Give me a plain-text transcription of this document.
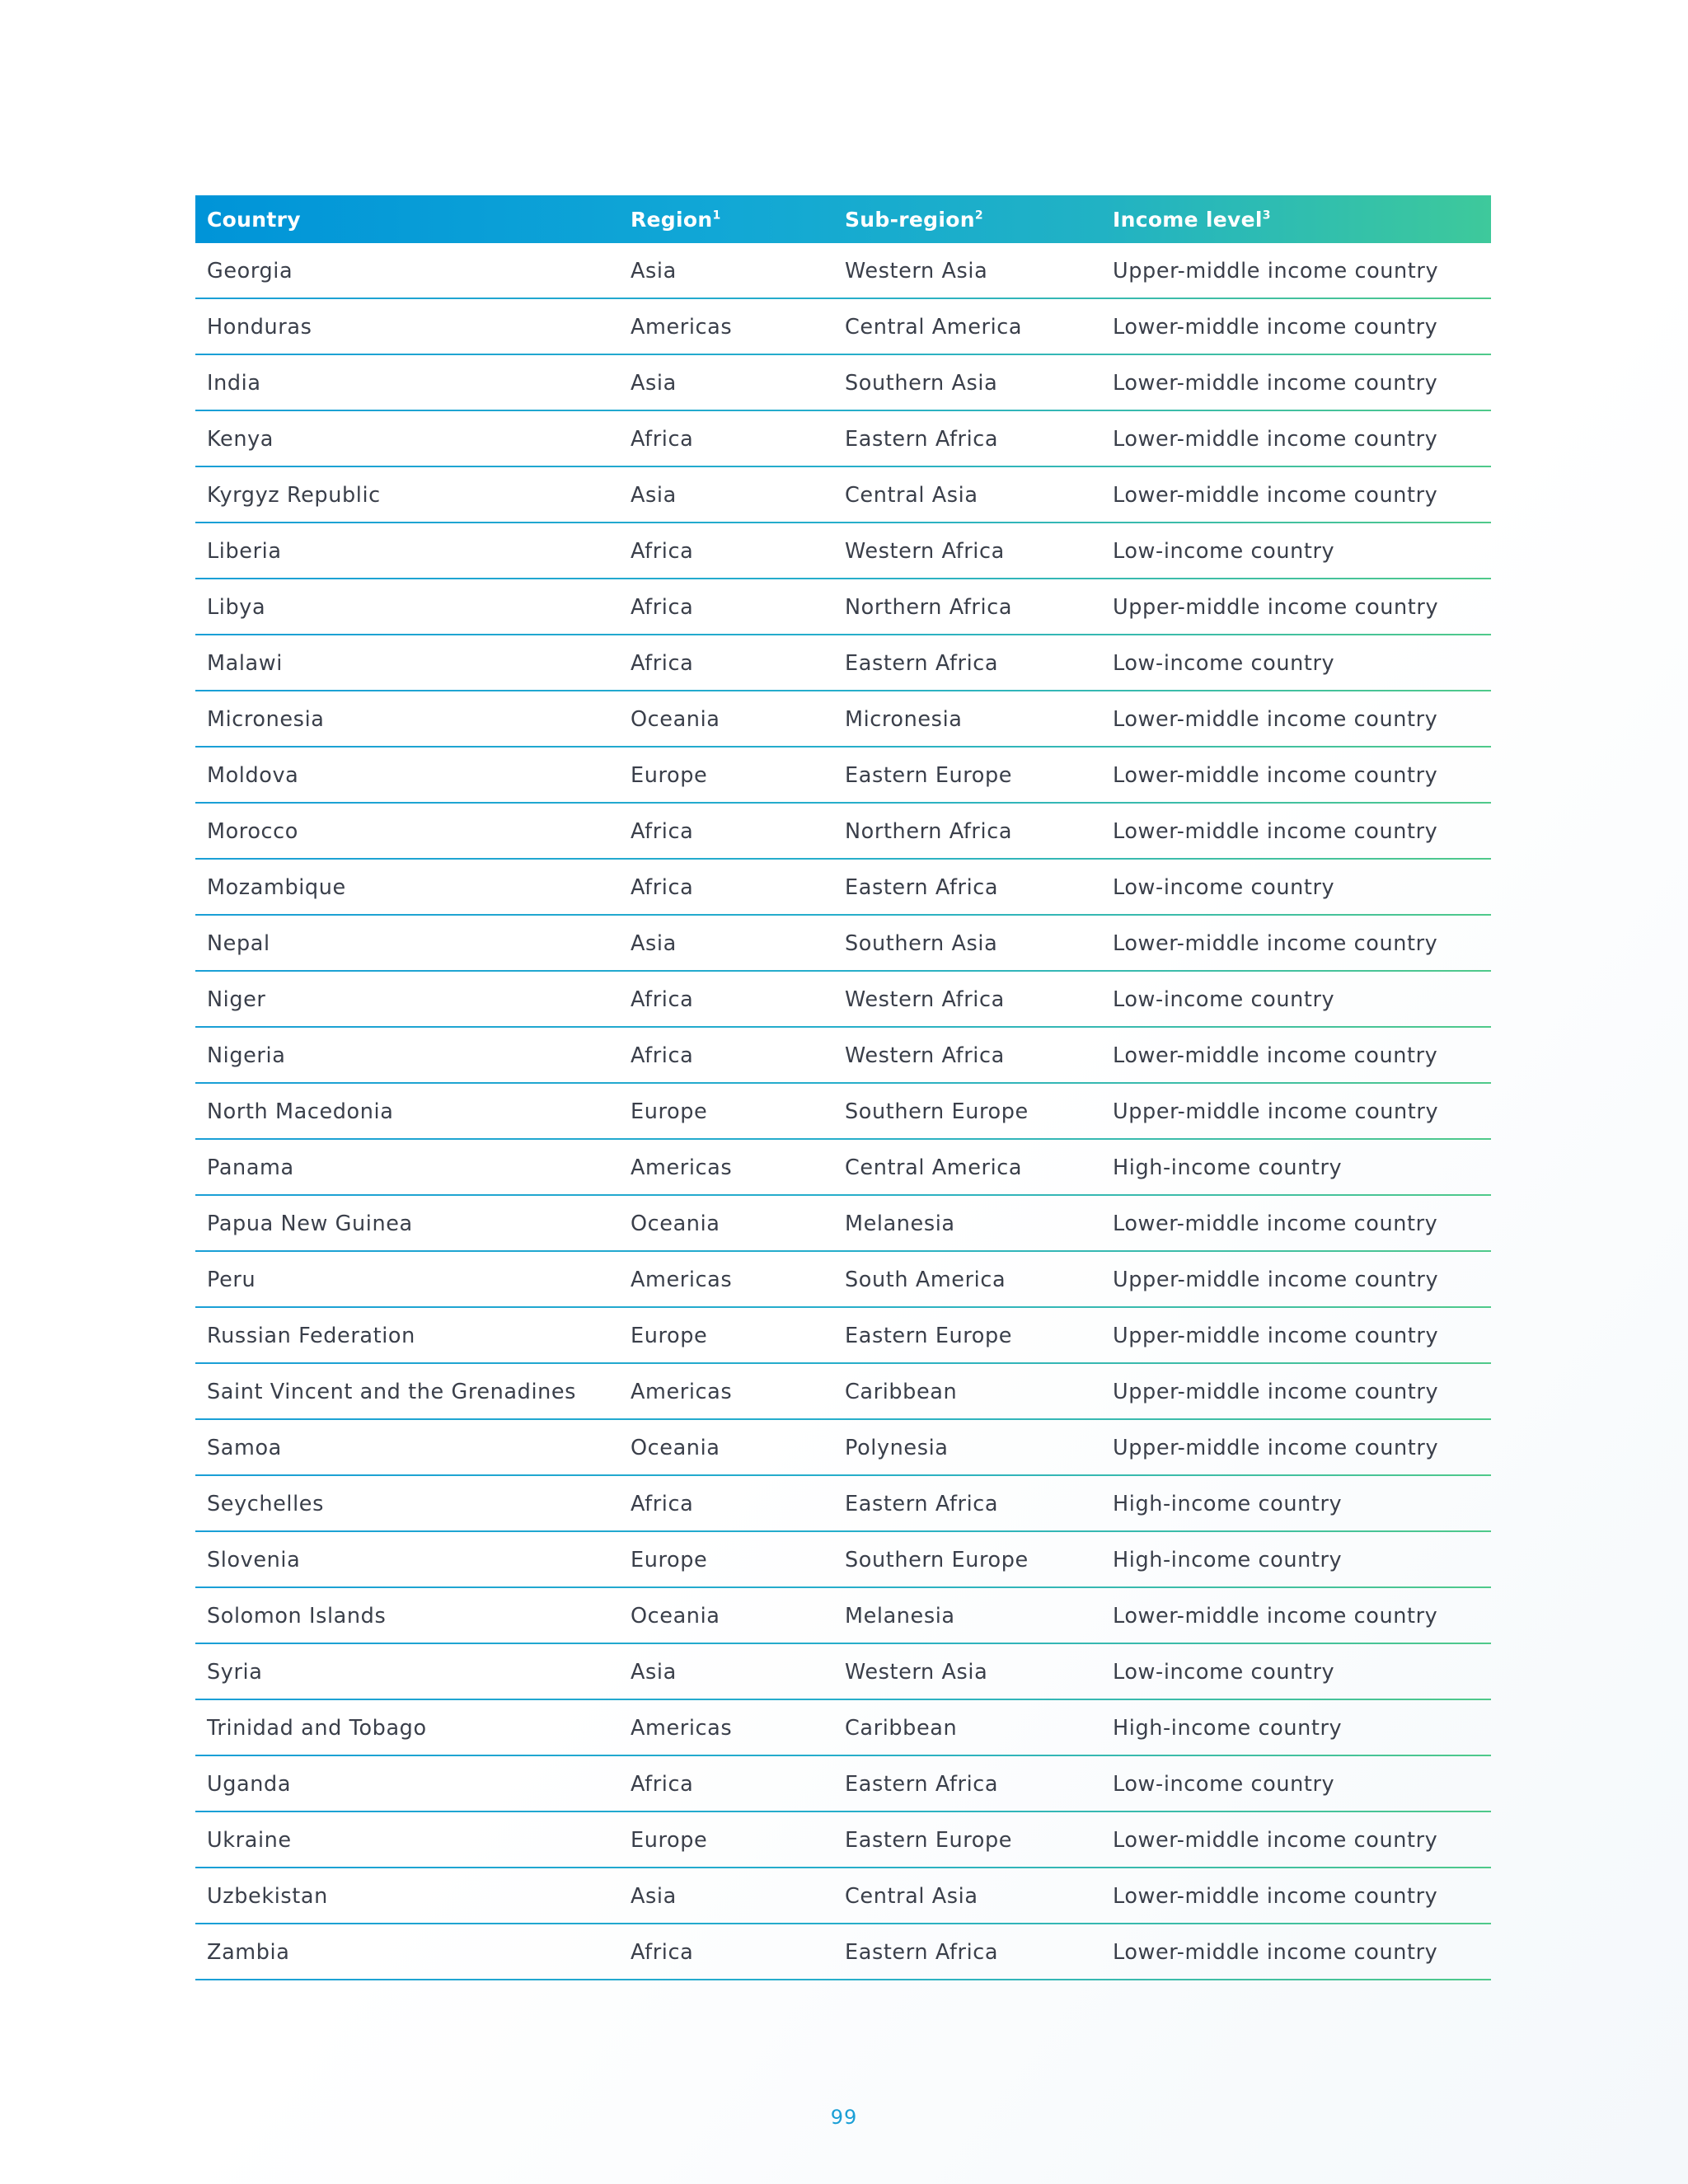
Country	Region$^1$	Sub-region$^2$	Income level$^3$
Georgia	Asia	Western Asia	Upper-middle income country
Honduras	Americas	Central America	Lower-middle income country
India	Asia	Southern Asia	Lower-middle income country
Kenya	Africa	Eastern Africa	Lower-middle income country
Kyrgyz Republic	Asia	Central Asia	Lower-middle income country
Liberia	Africa	Western Africa	Low-income country
Libya	Africa	Northern Africa	Upper-middle income country
Malawi	Africa	Eastern Africa	Low-income country
Micronesia	Oceania	Micronesia	Lower-middle income country
Moldova	Europe	Eastern Europe	Lower-middle income country
Morocco	Africa	Northern Africa	Lower-middle income country
Mozambique	Africa	Eastern Africa	Low-income country
Nepal	Asia	Southern Asia	Lower-middle income country
Niger	Africa	Western Africa	Low-income country
Nigeria	Africa	Western Africa	Lower-middle income country
North Macedonia	Europe	Southern Europe	Upper-middle income country
Panama	Americas	Central America	High-income country
Papua New Guinea	Oceania	Melanesia	Lower-middle income country
Peru	Americas	South America	Upper-middle income country
Russian Federation	Europe	Eastern Europe	Upper-middle income country
Saint Vincent and the Grenadines	Americas	Caribbean	Upper-middle income country
Samoa	Oceania	Polynesia	Upper-middle income country
Seychelles	Africa	Eastern Africa	High-income country
Slovenia	Europe	Southern Europe	High-income country
Solomon Islands	Oceania	Melanesia	Lower-middle income country
Syria	Asia	Western Asia	Low-income country
Trinidad and Tobago	Americas	Caribbean	High-income country
Uganda	Africa	Eastern Africa	Low-income country
Ukraine	Europe	Eastern Europe	Lower-middle income country
Uzbekistan	Asia	Central Asia	Lower-middle income country
Zambia	Africa	Eastern Africa	Lower-middle income country
99
